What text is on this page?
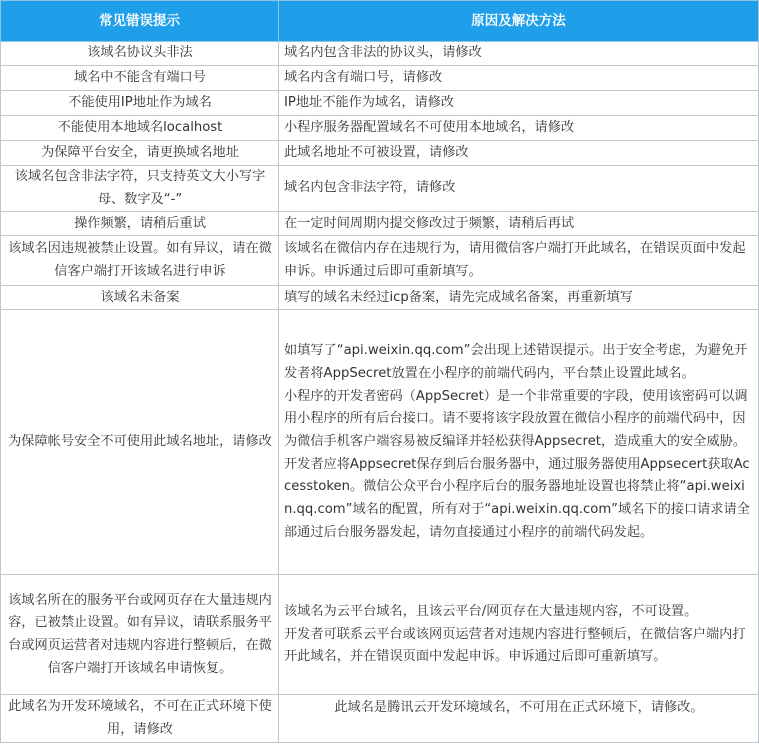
常见错误提示	原因及解决方法
该域名协议头非法	域名内包含非法的协议头，请修改

域名中不能含有端口号	域名内含有端口号，请修改

不能使用IP地址作为域名	IP地址不能作为域名，请修改

不能使用本地域名localhost	小程序服务器配置域名不可使用本地域名，请修改

为保障平台安全，请更换域名地址	此域名地址不可被设置，请修改

该域名包含非法字符，只支持英文大小写字母、数字及“-”	域名内包含非法字符，请修改

操作频繁，请稍后重试	在一定时间周期内提交修改过于频繁，请稍后再试

该域名因违规被禁止设置。如有异议，请在微信客户端打开该域名进行申诉	该域名在微信内存在违规行为，请用微信客户端打开此域名，在错误页面中发起申诉。申诉通过后即可重新填写。

该域名未备案	填写的域名未经过icp备案，请先完成域名备案，再重新填写

为保障帐号安全不可使用此域名地址，请修改	如填写了“api.weixin.qq.com”会出现上述错误提示。出于安全考虑，为避免开发者将AppSecret放置在小程序的前端代码内，平台禁止设置此域名。
小程序的开发者密码（AppSecret）是一个非常重要的字段，使用该密码可以调用小程序的所有后台接口。请不要将该字段放置在微信小程序的前端代码中，因为微信手机客户端容易被反编译并轻松获得Appsecret，造成重大的安全威胁。开发者应将Appsecret保存到后台服务器中，通过服务器使用Appsecert获取Accesstoken。微信公众平台小程序后台的服务器地址设置也将禁止将“api.weixin.qq.com”域名的配置，所有对于“api.weixin.qq.com”域名下的接口请求请全部通过后台服务器发起，请勿直接通过小程序的前端代码发起。

该域名所在的服务平台或网页存在大量违规内容，已被禁止设置。如有异议，请联系服务平台或网页运营者对违规内容进行整顿后，在微信客户端打开该域名申请恢复。	该域名为云平台域名，且该云平台/网页存在大量违规内容，不可设置。
开发者可联系云平台或该网页运营者对违规内容进行整顿后，在微信客户端内打开此域名，并在错误页面中发起申诉。申诉通过后即可重新填写。

此域名为开发环境域名，不可在正式环境下使用，请修改	此域名是腾讯云开发环境域名，不可用在正式环境下，请修改。
